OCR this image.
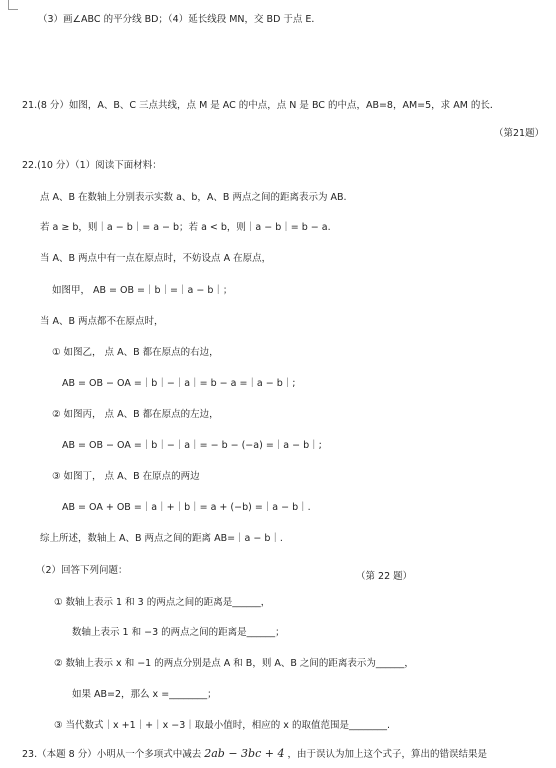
（3）画∠ABC 的平分线 BD；（4）延长线段 MN，交 BD 于点 E．
21.(8 分）如图，A、B、C 三点共线，点 M 是 AC 的中点，点 N 是 BC 的中点，AB=8，AM=5，求 AM 的长．
（第21题）
22.(10 分）（1）阅读下面材料：
点 A、B 在数轴上分别表示实数 a、b，A、B 两点之间的距离表示为 AB.
若 a ≥ b，则｜a − b｜= a − b；若 a < b，则｜a − b｜= b − a.
当 A、B 两点中有一点在原点时，不妨设点 A 在原点，
如图甲， AB = OB =｜b｜=｜a − b｜；
当 A、B 两点都不在原点时，
① 如图乙， 点 A、B 都在原点的右边，
AB = OB − OA =｜b｜−｜a｜= b − a =｜a − b｜;
② 如图丙， 点 A、B 都在原点的左边，
AB = OB − OA =｜b｜−｜a｜= − b − (−a) =｜a − b｜;
③ 如图丁， 点 A、B 在原点的两边
AB = OA + OB =｜a｜+｜b｜= a + (−b) =｜a − b｜.
综上所述，数轴上 A、B 两点之间的距离 AB=｜a − b｜.
（2）回答下列问题：
（第 22 题）
① 数轴上表示 1 和 3 的两点之间的距离是______，
数轴上表示 1 和 −3 的两点之间的距离是______；
② 数轴上表示 x 和 −1 的两点分别是点 A 和 B，则 A、B 之间的距离表示为______，
如果 AB=2，那么 x =________；
③ 当代数式｜x +1｜+｜x −3｜取最小值时，相应的 x 的取值范围是________.
23.（本题 8 分）小明从一个多项式中减去 2ab − 3bc + 4 ，由于误认为加上这个式子，算出的错误结果是
